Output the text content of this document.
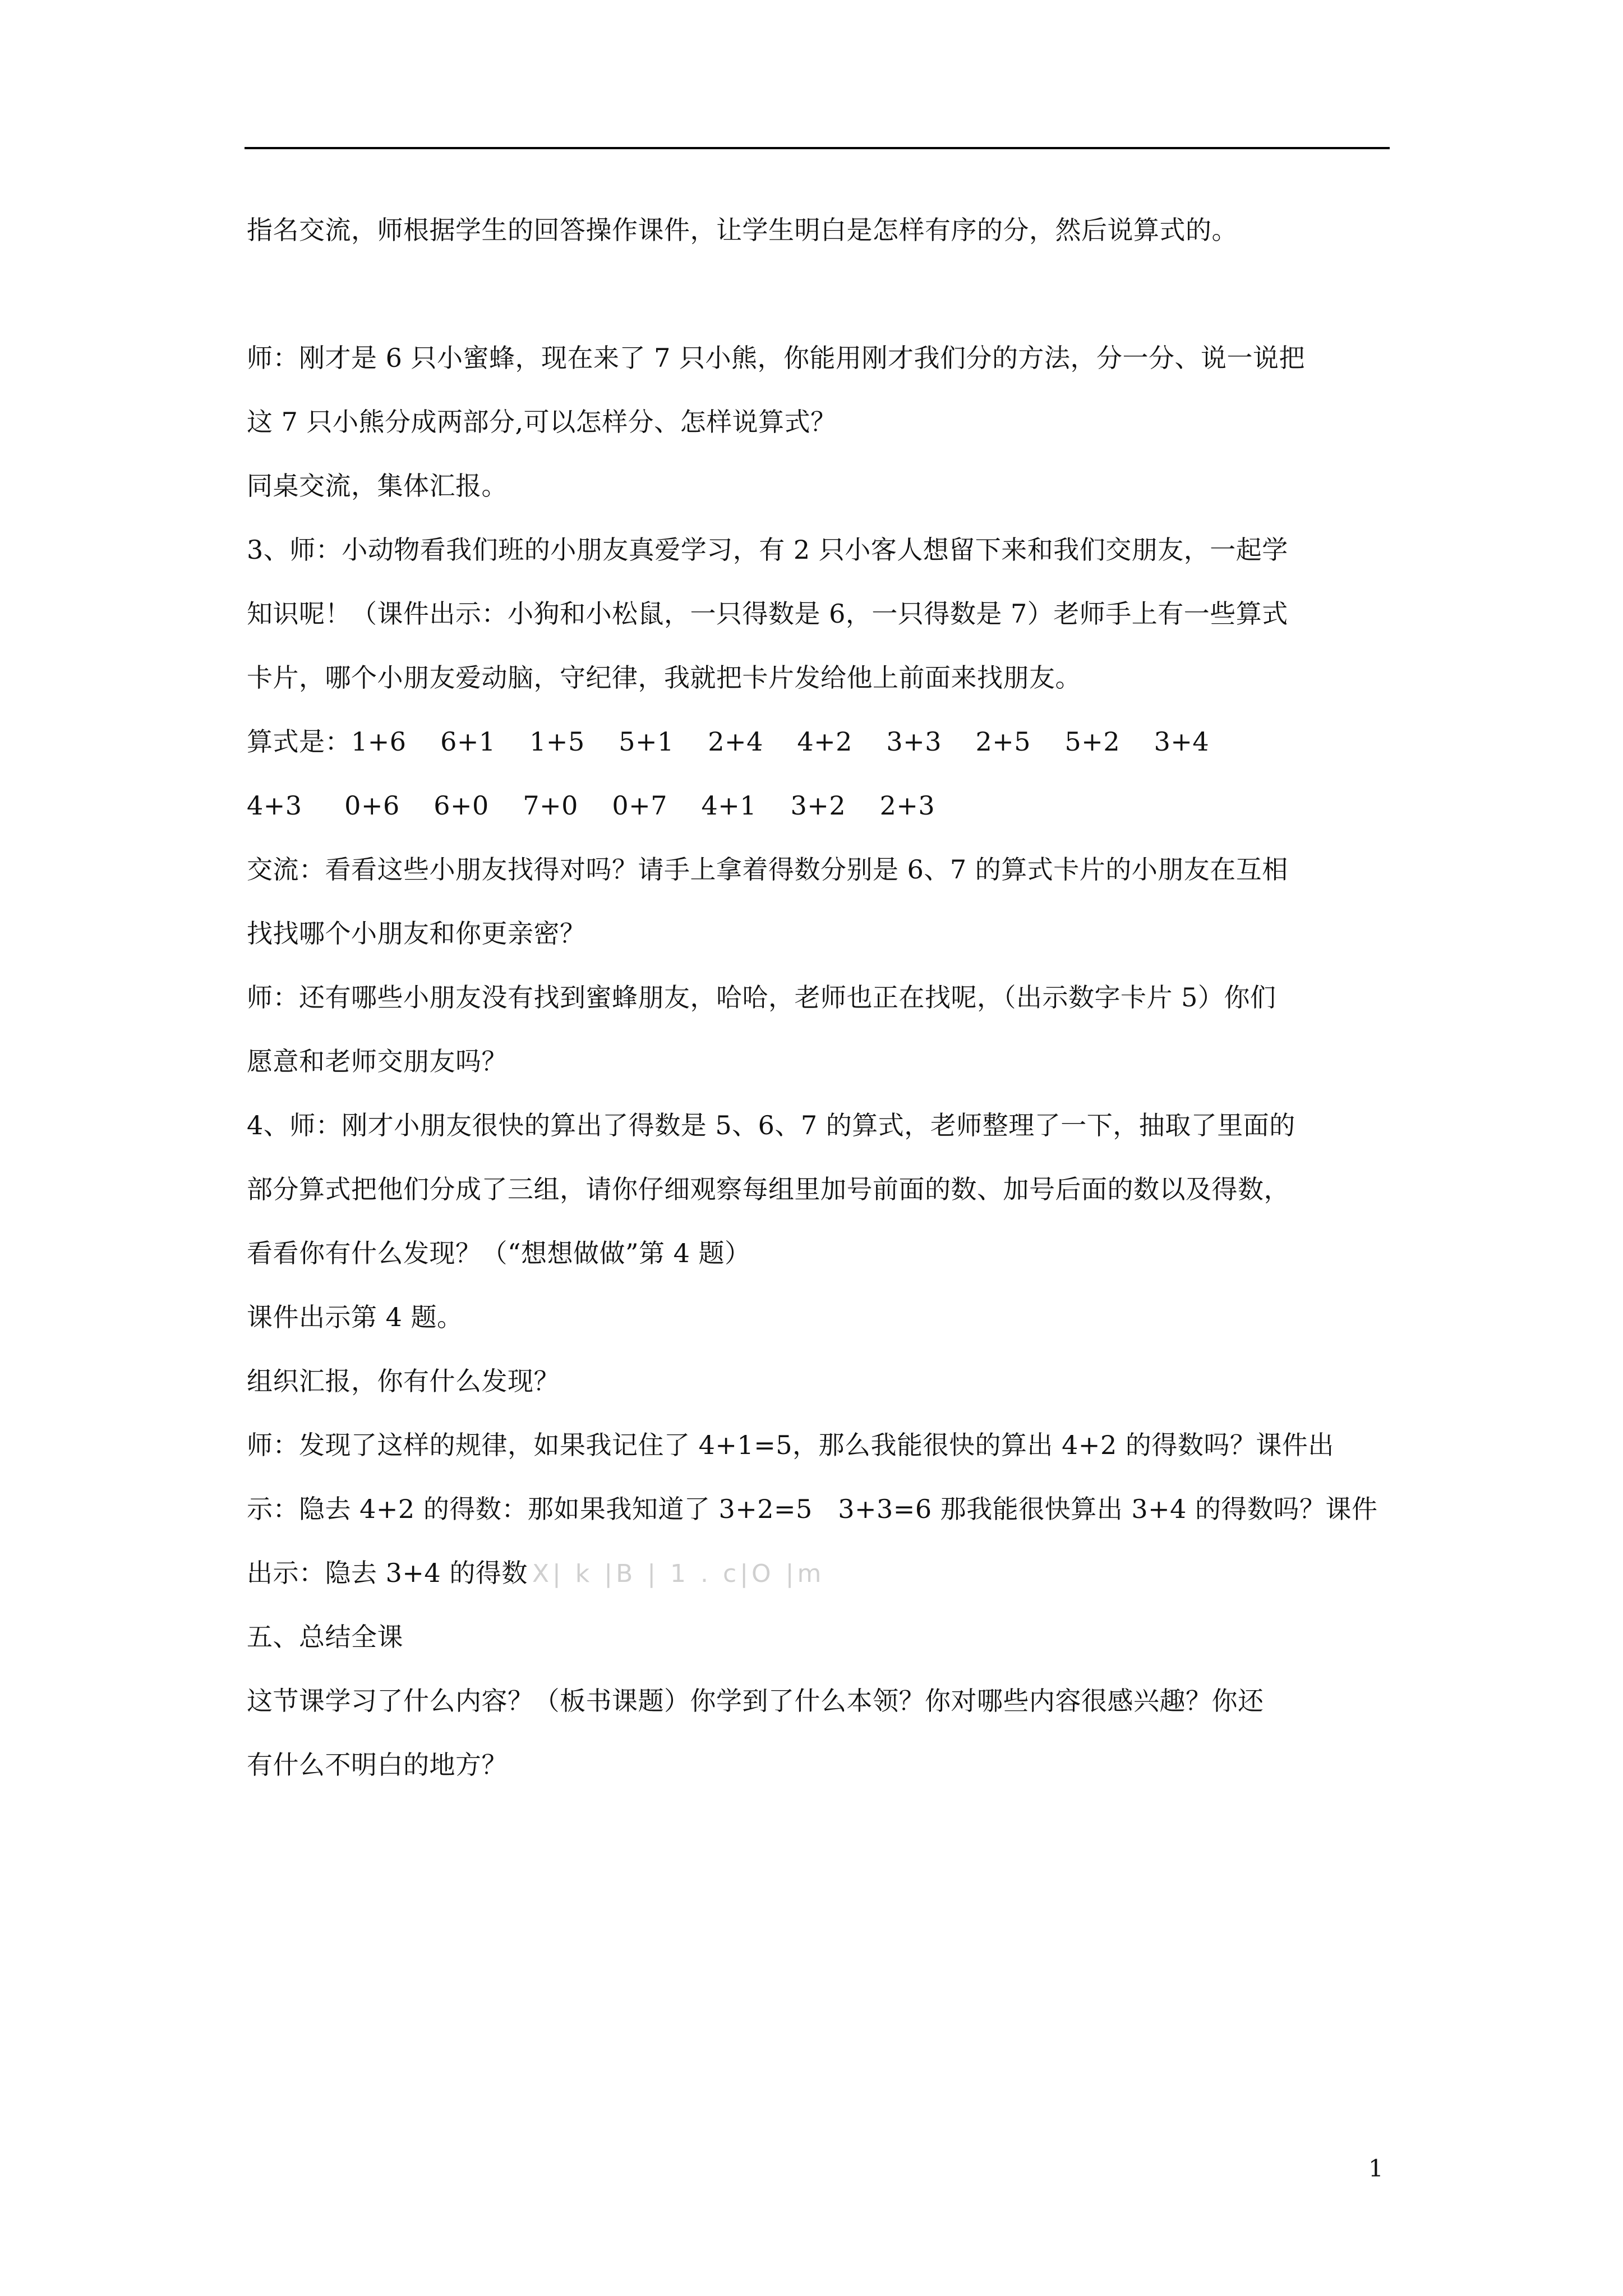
指名交流，师根据学生的回答操作课件，让学生明白是怎样有序的分，然后说算式的。
师：刚才是 6 只小蜜蜂，现在来了 7 只小熊，你能用刚才我们分的方法，分一分、说一说把
这 7 只小熊分成两部分,可以怎样分、怎样说算式？
同桌交流，集体汇报。
3、师：小动物看我们班的小朋友真爱学习，有 2 只小客人想留下来和我们交朋友，一起学
知识呢！（课件出示：小狗和小松鼠，一只得数是 6，一只得数是 7）老师手上有一些算式
卡片，哪个小朋友爱动脑，守纪律，我就把卡片发给他上前面来找朋友。
算式是：1+6    6+1    1+5    5+1    2+4    4+2    3+3    2+5    5+2    3+4
4+3     0+6    6+0    7+0    0+7    4+1    3+2    2+3
交流：看看这些小朋友找得对吗？请手上拿着得数分别是 6、7 的算式卡片的小朋友在互相
找找哪个小朋友和你更亲密？
师：还有哪些小朋友没有找到蜜蜂朋友，哈哈，老师也正在找呢，（出示数字卡片 5）你们
愿意和老师交朋友吗？
4、师：刚才小朋友很快的算出了得数是 5、6、7 的算式，老师整理了一下，抽取了里面的
部分算式把他们分成了三组，请你仔细观察每组里加号前面的数、加号后面的数以及得数，
看看你有什么发现？（“想想做做”第 4 题）
课件出示第 4 题。
组织汇报，你有什么发现？
师：发现了这样的规律，如果我记住了 4+1=5，那么我能很快的算出 4+2 的得数吗？课件出
示：隐去 4+2 的得数：那如果我知道了 3+2=5   3+3=6 那我能很快算出 3+4 的得数吗？课件
出示：隐去 3+4 的得数 X| k |B | 1 . c|O |m
五、总结全课
这节课学习了什么内容？（板书课题）你学到了什么本领？你对哪些内容很感兴趣？你还
有什么不明白的地方？
1
